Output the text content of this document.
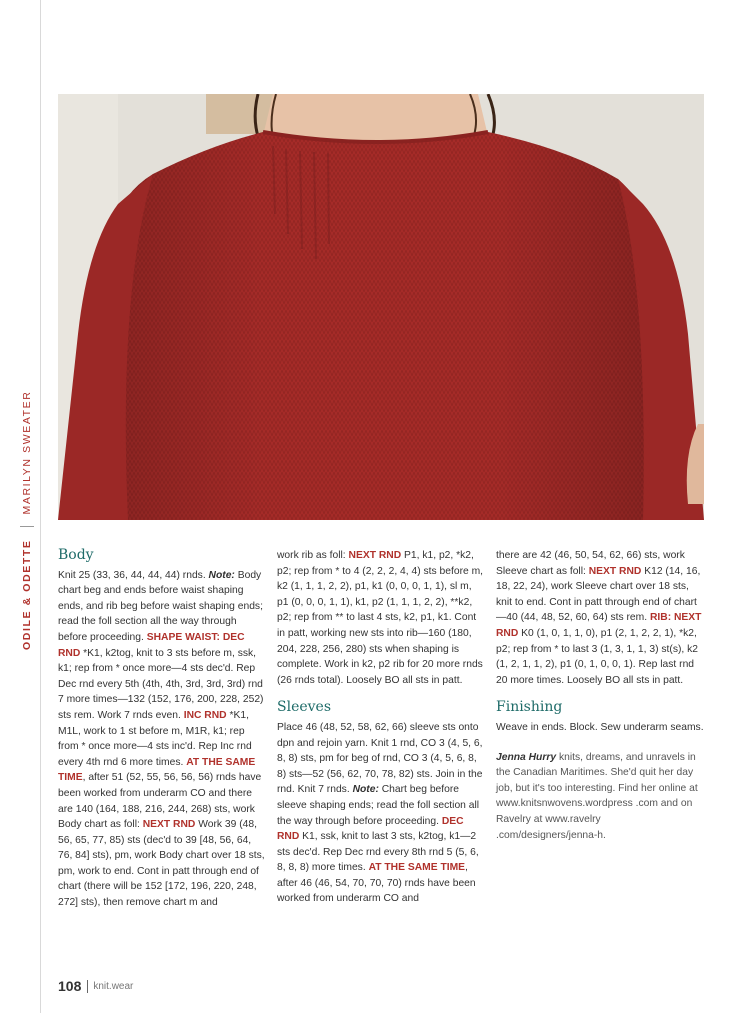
ODILE & ODETTE
MARILYN SWEATER
Body

Knit 25 (33, 36, 44, 44, 44) rnds. Note: Body chart beg and ends before waist shaping ends, and rib beg before waist shaping ends; read the foll section all the way through before proceeding. SHAPE WAIST: DEC RND *K1, k2tog, knit to 3 sts before m, ssk, k1; rep from * once more—4 sts dec'd. Rep Dec rnd every 5th (4th, 4th, 3rd, 3rd, 3rd) rnd 7 more times—132 (152, 176, 200, 228, 252) sts rem. Work 7 rnds even. INC RND *K1, M1L, work to 1 st before m, M1R, k1; rep from * once more—4 sts inc'd. Rep Inc rnd every 4th rnd 6 more times. AT THE SAME TIME, after 51 (52, 55, 56, 56, 56) rnds have been worked from underarm CO and there are 140 (164, 188, 216, 244, 268) sts, work Body chart as foll: NEXT RND Work 39 (48, 56, 65, 77, 85) sts (dec'd to 39 [48, 56, 64, 76, 84] sts), pm, work Body chart over 18 sts, pm, work to end. Cont in patt through end of chart (there will be 152 [172, 196, 220, 248, 272] sts), then remove chart m and

work rib as foll: NEXT RND P1, k1, p2, *k2, p2; rep from * to 4 (2, 2, 2, 4, 4) sts before m, k2 (1, 1, 1, 2, 2), p1, k1 (0, 0, 0, 1, 1), sl m, p1 (0, 0, 0, 1, 1), k1, p2 (1, 1, 1, 2, 2), **k2, p2; rep from ** to last 4 sts, k2, p1, k1. Cont in patt, working new sts into rib—160 (180, 204, 228, 256, 280) sts when shaping is complete. Work in k2, p2 rib for 20 more rnds (26 rnds total). Loosely BO all sts in patt.

Sleeves

Place 46 (48, 52, 58, 62, 66) sleeve sts onto dpn and rejoin yarn. Knit 1 rnd, CO 3 (4, 5, 6, 8, 8) sts, pm for beg of rnd, CO 3 (4, 5, 6, 8, 8) sts—52 (56, 62, 70, 78, 82) sts. Join in the rnd. Knit 7 rnds. Note: Chart beg before sleeve shaping ends; read the foll section all the way through before proceeding. DEC RND K1, ssk, knit to last 3 sts, k2tog, k1—2 sts dec'd. Rep Dec rnd every 8th rnd 5 (5, 6, 8, 8, 8) more times. AT THE SAME TIME, after 46 (46, 54, 70, 70, 70) rnds have been worked from underarm CO and

there are 42 (46, 50, 54, 62, 66) sts, work Sleeve chart as foll: NEXT RND K12 (14, 16, 18, 22, 24), work Sleeve chart over 18 sts, knit to end. Cont in patt through end of chart—40 (44, 48, 52, 60, 64) sts rem. RIB: NEXT RND K0 (1, 0, 1, 1, 0), p1 (2, 1, 2, 2, 1), *k2, p2; rep from * to last 3 (1, 3, 1, 1, 3) st(s), k2 (1, 2, 1, 1, 2), p1 (0, 1, 0, 0, 1). Rep last rnd 20 more times. Loosely BO all sts in patt.

Finishing

Weave in ends. Block. Sew underarm seams.

Jenna Hurry knits, dreams, and unravels in the Canadian Maritimes. She'd quit her day job, but it's too interesting. Find her online at www.knitsnwovens.wordpress .com and on Ravelry at www.ravelry .com/designers/jenna-h.

108 knit.wear
